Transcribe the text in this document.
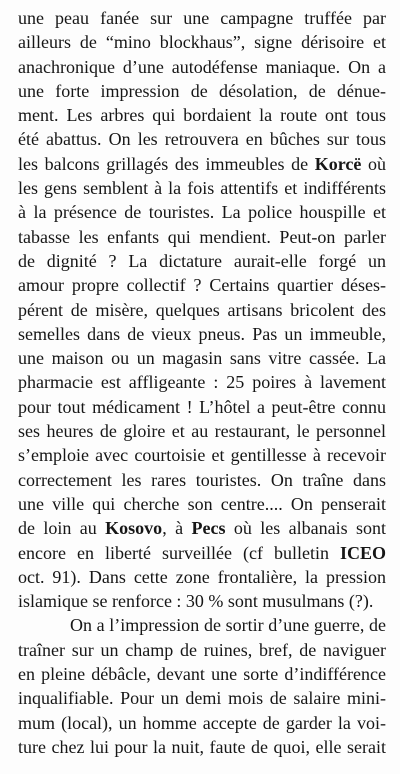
une peau fanée sur une campagne truffée par
ailleurs de “mino blockhaus”, signe dérisoire et
anachronique d’une autodéfense maniaque. On a
une forte impression de désolation, de dénue-
ment. Les arbres qui bordaient la route ont tous
été abattus. On les retrouvera en bûches sur tous
les balcons grillagés des immeubles de Korcë où
les gens semblent à la fois attentifs et indifférents
à la présence de touristes. La police houspille et
tabasse les enfants qui mendient. Peut-on parler
de dignité ? La dictature aurait-elle forgé un
amour propre collectif ? Certains quartier déses-
pérent de misère, quelques artisans bricolent des
semelles dans de vieux pneus. Pas un immeuble,
une maison ou un magasin sans vitre cassée. La
pharmacie est affligeante : 25 poires à lavement
pour tout médicament ! L’hôtel a peut-être connu
ses heures de gloire et au restaurant, le personnel
s’emploie avec courtoisie et gentillesse à recevoir
correctement les rares touristes. On traîne dans
une ville qui cherche son centre.... On penserait
de loin au Kosovo, à Pecs où les albanais sont
encore en liberté surveillée (cf bulletin ICEO
oct. 91). Dans cette zone frontalière, la pression
islamique se renforce : 30 % sont musulmans (?).
On a l’impression de sortir d’une guerre, de
traîner sur un champ de ruines, bref, de naviguer
en pleine débâcle, devant une sorte d’indifférence
inqualifiable. Pour un demi mois de salaire mini-
mum (local), un homme accepte de garder la voi-
ture chez lui pour la nuit, faute de quoi, elle serait
